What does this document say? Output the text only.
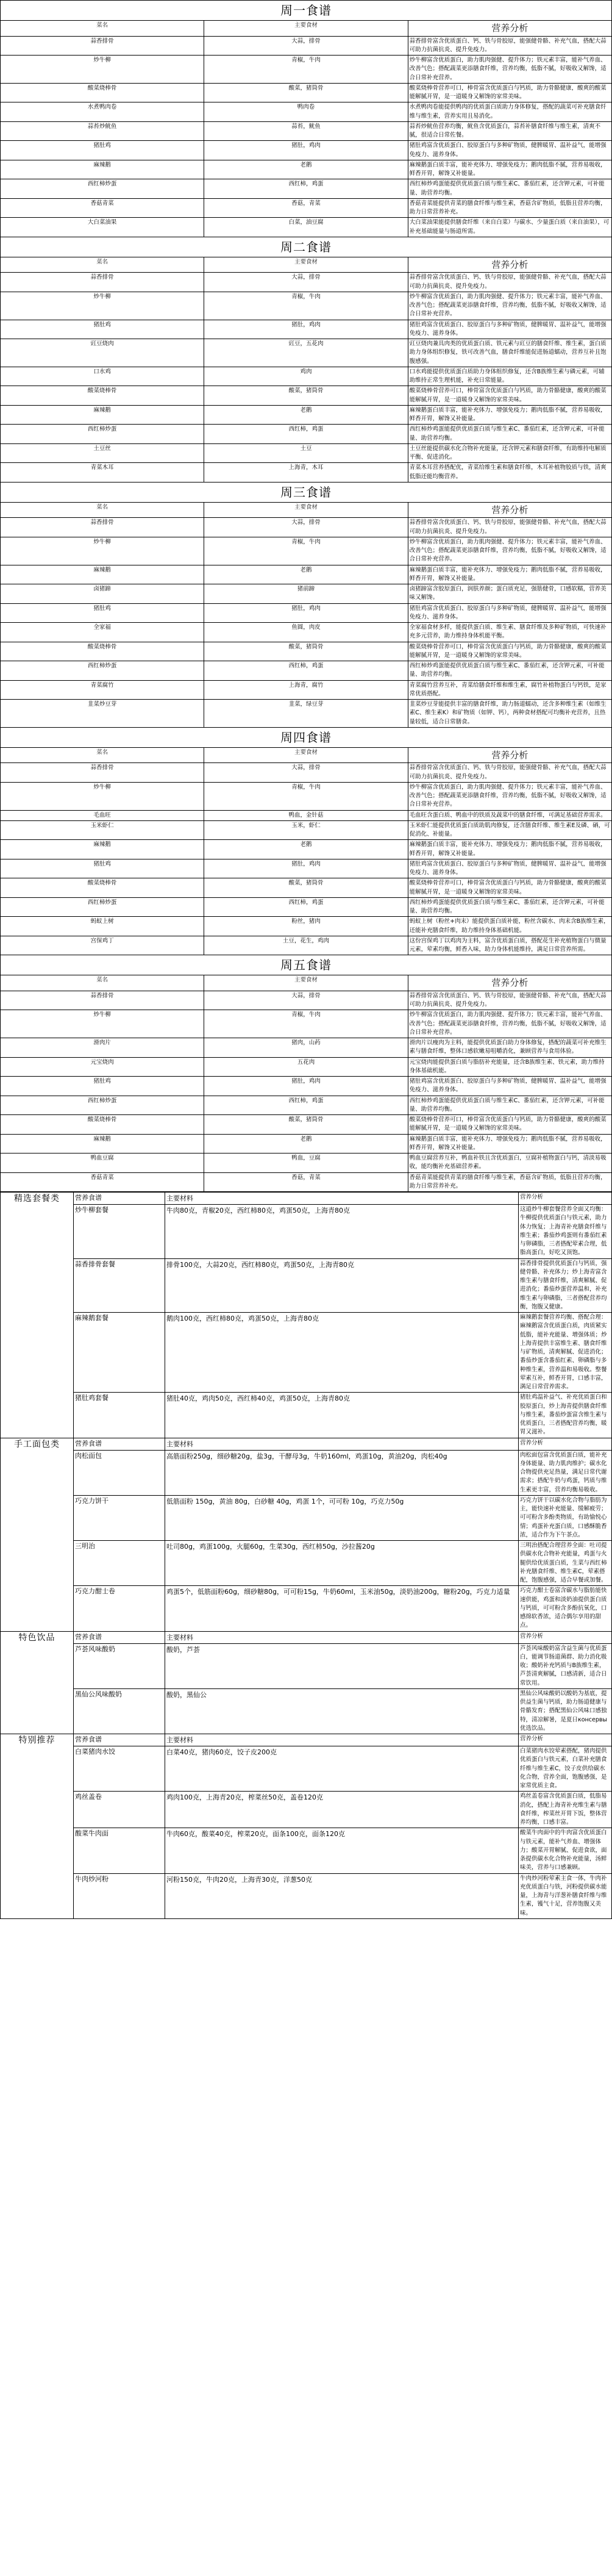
周一食谱		
菜名	主要食材	营养分析
蒜香排骨	大蒜，排骨	蒜香排骨富含优质蛋白、钙、铁与骨胶原，能强健骨骼、补充气血，搭配大蒜可助力抗菌抗炎、提升免疫力。
炒牛柳	青椒，牛肉	炒牛柳富含优质蛋白，助力肌肉强健、提升体力；铁元素丰富，能补气养血、改善气色；搭配蔬菜更添膳食纤维，营养均衡，低脂不腻，好吸收又解馋，适合日常补充营养。
酸菜烧棒骨	酸菜，猪筒骨	酸菜烧棒骨营养可口，棒骨富含优质蛋白与钙质，助力骨骼健康，酸爽的酸菜能解腻开胃，是一道暖身又解馋的家常美味。
水煮鸭肉卷	鸭肉卷	水煮鸭肉卷能提供鸭肉的优质蛋白质助力身体修复，搭配的蔬菜可补充膳食纤维与维生素，营养实用且易消化。
蒜苔炒鱿鱼	蒜苔，鱿鱼	蒜苔炒鱿鱼营养均衡，鱿鱼含优质蛋白，蒜苔补膳食纤维与维生素，清爽不腻，很适合日常佐餐。
猪肚鸡	猪肚，鸡肉	猪肚鸡富含优质蛋白、胶原蛋白与多种矿物质，健脾暖胃、温补益气，能增强免疫力、滋养身体。
麻辣鹅	老鹅	麻辣鹅蛋白质丰富，能补充体力、增强免疫力；鹅肉低脂不腻，营养易吸收，鲜香开胃，解馋又补能量。
西红柿炒蛋	西红柿，鸡蛋	西红柿炒鸡蛋能提供优质蛋白质与维生素C、番茄红素，还含钾元素，可补能量、助营养均衡。
香菇青菜	香菇，青菜	香菇青菜能提供青菜的膳食纤维与维生素，香菇含矿物质，低脂且营养均衡，助力日常营养补充。
大白菜油果	白菜，油豆腐	大白菜油果能提供膳食纤维（来自白菜）与碳水、少量蛋白质（来自油果），可补充基础能量与肠道所需。
周二食谱		
菜名	主要食材	营养分析
蒜香排骨	大蒜，排骨	蒜香排骨富含优质蛋白、钙、铁与骨胶原，能强健骨骼、补充气血，搭配大蒜可助力抗菌抗炎、提升免疫力。
炒牛柳	青椒，牛肉	炒牛柳富含优质蛋白，助力肌肉强健、提升体力；铁元素丰富，能补气养血、改善气色；搭配蔬菜更添膳食纤维，营养均衡，低脂不腻，好吸收又解馋，适合日常补充营养。
猪肚鸡	猪肚，鸡肉	猪肚鸡富含优质蛋白、胶原蛋白与多种矿物质，健脾暖胃、温补益气，能增强免疫力、滋养身体。
豇豆烧肉	豇豆，五花肉	豇豆烧肉兼具肉类的优质蛋白质、铁元素与豇豆的膳食纤维、维生素，蛋白质助力身体组织修复，铁可改善气血，膳食纤维能促进肠道蠕动，营养互补且饱腹感强。
口水鸡	鸡肉	口水鸡能提供优质蛋白质助力身体组织修复，还含B族维生素与磷元素，可辅助维持正常生理机能，补充日常能量。
酸菜烧棒骨	酸菜，猪筒骨	酸菜烧棒骨营养可口，棒骨富含优质蛋白与钙质，助力骨骼健康，酸爽的酸菜能解腻开胃，是一道暖身又解馋的家常美味。
麻辣鹅	老鹅	麻辣鹅蛋白质丰富，能补充体力、增强免疫力；鹅肉低脂不腻，营养易吸收，鲜香开胃，解馋又补能量。
西红柿炒蛋	西红柿，鸡蛋	西红柿炒鸡蛋能提供优质蛋白质与维生素C、番茄红素，还含钾元素，可补能量、助营养均衡。
土豆丝	土豆	土豆丝能提供碳水化合物补充能量，还含钾元素和膳食纤维，有助维持电解质平衡、促进消化。
青菜木耳	上海青，木耳	青菜木耳营养搭配优，青菜给维生素和膳食纤维，木耳补植物胶质与铁，清爽低脂还能均衡营养。
周三食谱		
菜名	主要食材	营养分析
蒜香排骨	大蒜，排骨	蒜香排骨富含优质蛋白、钙、铁与骨胶原，能强健骨骼、补充气血，搭配大蒜可助力抗菌抗炎、提升免疫力。
炒牛柳	青椒，牛肉	炒牛柳富含优质蛋白，助力肌肉强健、提升体力；铁元素丰富，能补气养血、改善气色；搭配蔬菜更添膳食纤维，营养均衡，低脂不腻，好吸收又解馋，适合日常补充营养。
麻辣鹅	老鹅	麻辣鹅蛋白质丰富，能补充体力、增强免疫力；鹅肉低脂不腻，营养易吸收，鲜香开胃，解馋又补能量。
卤猪蹄	猪前蹄	卤猪蹄富含胶原蛋白，润肤养颜；蛋白质充足，强筋健骨，口感软糯，营养美味又解馋。
猪肚鸡	猪肚，鸡肉	猪肚鸡富含优质蛋白、胶原蛋白与多种矿物质，健脾暖胃、温补益气，能增强免疫力、滋养身体。
全家福	鱼圆，肉皮	全家福食材多样，能提供蛋白质、维生素、膳食纤维及多种矿物质，可快速补充多元营养，助力维持身体机能平衡。
酸菜烧棒骨	酸菜，猪筒骨	酸菜烧棒骨营养可口，棒骨富含优质蛋白与钙质，助力骨骼健康，酸爽的酸菜能解腻开胃，是一道暖身又解馋的家常美味。
西红柿炒蛋	西红柿，鸡蛋	西红柿炒鸡蛋能提供优质蛋白质与维生素C、番茄红素，还含钾元素，可补能量、助营养均衡。
青菜腐竹	上海青，腐竹	青菜腐竹营养互补，青菜给膳食纤维和维生素，腐竹补植物蛋白与钙铁，是家常优质搭配。
韭菜炒豆芽	韭菜，绿豆芽	韭菜炒豆芽能提供丰富的膳食纤维，助力肠道蠕动，还含多种维生素（如维生素C、维生素K）和矿物质（如钾、钙），两种食材搭配可均衡补充营养，且热量较低，适合日常膳食。
周四食谱		
菜名	主要食材	营养分析
蒜香排骨	大蒜，排骨	蒜香排骨富含优质蛋白、钙、铁与骨胶原，能强健骨骼、补充气血，搭配大蒜可助力抗菌抗炎、提升免疫力。
炒牛柳	青椒，牛肉	炒牛柳富含优质蛋白，助力肌肉强健、提升体力；铁元素丰富，能补气养血、改善气色；搭配蔬菜更添膳食纤维，营养均衡，低脂不腻，好吸收又解馋，适合日常补充营养。
毛血旺	鸭血，金针菇	毛血旺含蛋白质、鸭血中的铁质及蔬菜中的膳食纤维，可满足基础营养需求。
玉米虾仁	玉米，虾仁	玉米虾仁能提供优质蛋白质助肌肉修复，还含膳食纤维、维生素E及磷、硒，可促消化、补能量。
麻辣鹅	老鹅	麻辣鹅蛋白质丰富，能补充体力、增强免疫力；鹅肉低脂不腻，营养易吸收，鲜香开胃，解馋又补能量。
猪肚鸡	猪肚，鸡肉	猪肚鸡富含优质蛋白、胶原蛋白与多种矿物质，健脾暖胃、温补益气，能增强免疫力、滋养身体。
酸菜烧棒骨	酸菜，猪筒骨	酸菜烧棒骨营养可口，棒骨富含优质蛋白与钙质，助力骨骼健康，酸爽的酸菜能解腻开胃，是一道暖身又解馋的家常美味。
西红柿炒蛋	西红柿，鸡蛋	西红柿炒鸡蛋能提供优质蛋白质与维生素C、番茄红素，还含钾元素，可补能量、助营养均衡。
蚂蚁上树	粉丝，猪肉	蚂蚁上树（粉丝+肉末）能提供蛋白质补能，粉丝含碳水、肉末含B族维生素，还能补充膳食纤维，助力维持身体基础机能。
宫保鸡丁	土豆，花生，鸡肉	这份宫保鸡丁以鸡肉为主料，富含优质蛋白质，搭配花生补充植物蛋白与微量元素，荤素均衡，鲜香入味，助力身体机能维持，满足日常营养所需。
周五食谱		
菜名	主要食材	营养分析
蒜香排骨	大蒜，排骨	蒜香排骨富含优质蛋白、钙、铁与骨胶原，能强健骨骼、补充气血，搭配大蒜可助力抗菌抗炎、提升免疫力。
炒牛柳	青椒，牛肉	炒牛柳富含优质蛋白，助力肌肉强健、提升体力；铁元素丰富，能补气养血、改善气色；搭配蔬菜更添膳食纤维，营养均衡，低脂不腻，好吸收又解馋，适合日常补充营养。
滑肉片	猪肉，山药	滑肉片以瘦肉为主料，能提供优质蛋白助力身体修复，搭配的蔬菜可补充维生素与膳食纤维，整体口感软嫩易咀嚼消化，兼顾营养与食用体验。
元宝烧肉	五花肉	元宝烧肉能提供蛋白质与脂肪补充能量，还含B族维生素、铁元素，助力维持身体基础机能。
猪肚鸡	猪肚，鸡肉	猪肚鸡富含优质蛋白、胶原蛋白与多种矿物质，健脾暖胃、温补益气，能增强免疫力、滋养身体。
西红柿炒蛋	西红柿，鸡蛋	西红柿炒鸡蛋能提供优质蛋白质与维生素C、番茄红素，还含钾元素，可补能量、助营养均衡。
酸菜烧棒骨	酸菜，猪筒骨	酸菜烧棒骨营养可口，棒骨富含优质蛋白与钙质，助力骨骼健康，酸爽的酸菜能解腻开胃，是一道暖身又解馋的家常美味。
麻辣鹅	老鹅	麻辣鹅蛋白质丰富，能补充体力、增强免疫力；鹅肉低脂不腻，营养易吸收，鲜香开胃，解馋又补能量。
鸭血豆腐	鸭血，豆腐	鸭血豆腐营养互补，鸭血补铁且含优质蛋白，豆腐补植物蛋白与钙，清淡易吸收，能均衡补充基础营养素。
香菇青菜	香菇，青菜	香菇青菜能提供青菜的膳食纤维与维生素，香菇含矿物质，低脂且营养均衡，助力日常营养补充。
精选套餐类	营养食谱	主要材料	营养分析
	炒牛柳套餐	牛肉80克，青椒20克，西红柿80克，鸡蛋50克，上海青80克	这道炒牛柳套餐营养全面又均衡：牛柳提供优质蛋白与铁元素，助力体力恢复；上海青补充膳食纤维与维生素；番茄炒鸡蛋则有番茄红素与卵磷脂，三者搭配荤素合理，低脂高蛋白，好吃又顶饱。
	蒜香排骨套餐	排骨100克，大蒜20克，西红柿80克，鸡蛋50克，上海青80克	蒜香排骨提供优质蛋白与钙质，强健骨骼、补充体力；炒上海青富含维生素与膳食纤维，清爽解腻、促进消化；番茄炒蛋营养温和，补充维生素与卵磷脂，三者搭配营养均衡，饱腹又健康。
	麻辣鹅套餐	鹅肉100克，西红柿80克，鸡蛋50克，上海青80克	麻辣鹅套餐营养均衡、搭配合理：麻辣鹅富含优质蛋白质，肉质紧实低脂，能补充能量、增强体质；炒上海青提供丰富维生素、膳食纤维与矿物质，清爽解腻、促进消化；番茄炒蛋含番茄红素、卵磷脂与多种维生素，营养温和易吸收。整餐荤素互补，鲜香开胃，口感丰富，满足日常营养需求。
	猪肚鸡套餐	猪肚40克，鸡肉50克，西红柿40克，鸡蛋50克，上海青80克	猪肚鸡温补益气、补充优质蛋白和胶原蛋白，炒上海青提供膳食纤维与维生素，番茄炒蛋富含维生素与优质蛋白，三者搭配营养均衡，暖胃又滋补。
手工面包类	营养食谱	主要材料	营养分析
	肉松面包	高筋面粉250g，细砂糖20g，盐3g，干酵母3g，牛奶160ml，鸡蛋10g，黄油20g，肉松40g	肉松面包富含优质蛋白质，能补充身体能量、助力肌肉维护；碳水化合物提供充足热量，满足日常代谢需求；搭配牛奶与鸡蛋，钙质与维生素更丰富，营养均衡易吸收。
	巧克力饼干	低筋面粉 150g，黄油 80g，白砂糖 40g，鸡蛋 1个，可可粉 10g，巧克力50g	巧克力饼干以碳水化合物与脂肪为主，能快速补充能量、缓解疲劳；可可粉含多酚类物质，有助愉悦心情；鸡蛋补充蛋白质，口感酥脆香浓，适合作为下午茶点。
	三明治	吐司80g，鸡蛋100g，火腿60g，生菜30g，西红柿50g，沙拉酱20g	三明治搭配合理营养全面：吐司提供碳水化合物补充能量，鸡蛋与火腿供给优质蛋白质，生菜与西红柿补充膳食纤维、维生素C，荤素搭配，饱腹感强，适合早餐或加餐。
	巧克力酣士卷	鸡蛋5个，低筋面粉60g，细砂糖80g，可可粉15g，牛奶60ml，玉米油50g，淡奶油200g，糖粉20g，巧克力适量	巧克力酣士卷富含碳水与脂肪能快速供能，鸡蛋和淡奶油提供蛋白质与钙质，可可粉含多酚抗氧化，口感绵软香浓，适合偶尔享用的甜点。
特色饮品	营养食谱	主要材料	营养分析
	芦荟风味酸奶	酸奶，芦荟	芦荟风味酸奶富含益生菌与优质蛋白，能调节肠道菌群、助力消化吸收；酸奶补充钙质与B族维生素，芦荟清爽解腻，口感清新，适合日常饮用。
	黑仙公风味酸奶	酸奶，黑仙公	黑仙公风味酸奶以酸奶为基底，提供益生菌与钙质，助力肠道健康与骨骼发育；搭配黑仙公风味口感独特，清凉解暑，是夏日консервы优选饮品。
特别推荐	营养食谱	主要材料	营养分析
	白菜猪肉水饺	白菜40克，猪肉60克，饺子皮200克	白菜猪肉水饺荤素搭配，猪肉提供优质蛋白与铁元素，白菜补充膳食纤维与维生素C，饺子皮供给碳水化合物，营养全面，饱腹感强，是家常优质主食。
	鸡丝盖卷	鸡肉100克，上海青20克，榨菜丝50克，盖卷120克	鸡丝盖卷富含优质蛋白质，低脂易消化，搭配上海青补充维生素与膳食纤维，榨菜丝开胃下饭，整体营养均衡，口感丰富。
	酸菜牛肉面	牛肉60克，酸菜40克，榨菜20克，面条100克，面条120克	酸菜牛肉面中的牛肉富含优质蛋白与铁元素，能补气养血、增强体力；酸菜开胃解腻、促进食欲，面条提供碳水化合物补充能量，汤鲜味美，营养与口感兼顾。
	牛肉炒河粉	河粉150克，牛肉20克，上海青30克，洋葱50克	牛肉炒河粉荤素主食一体，牛肉补充优质蛋白与铁，河粉提供碳水能量，上海青与洋葱补膳食纤维与维生素，镬气十足，营养饱腹又美味。
